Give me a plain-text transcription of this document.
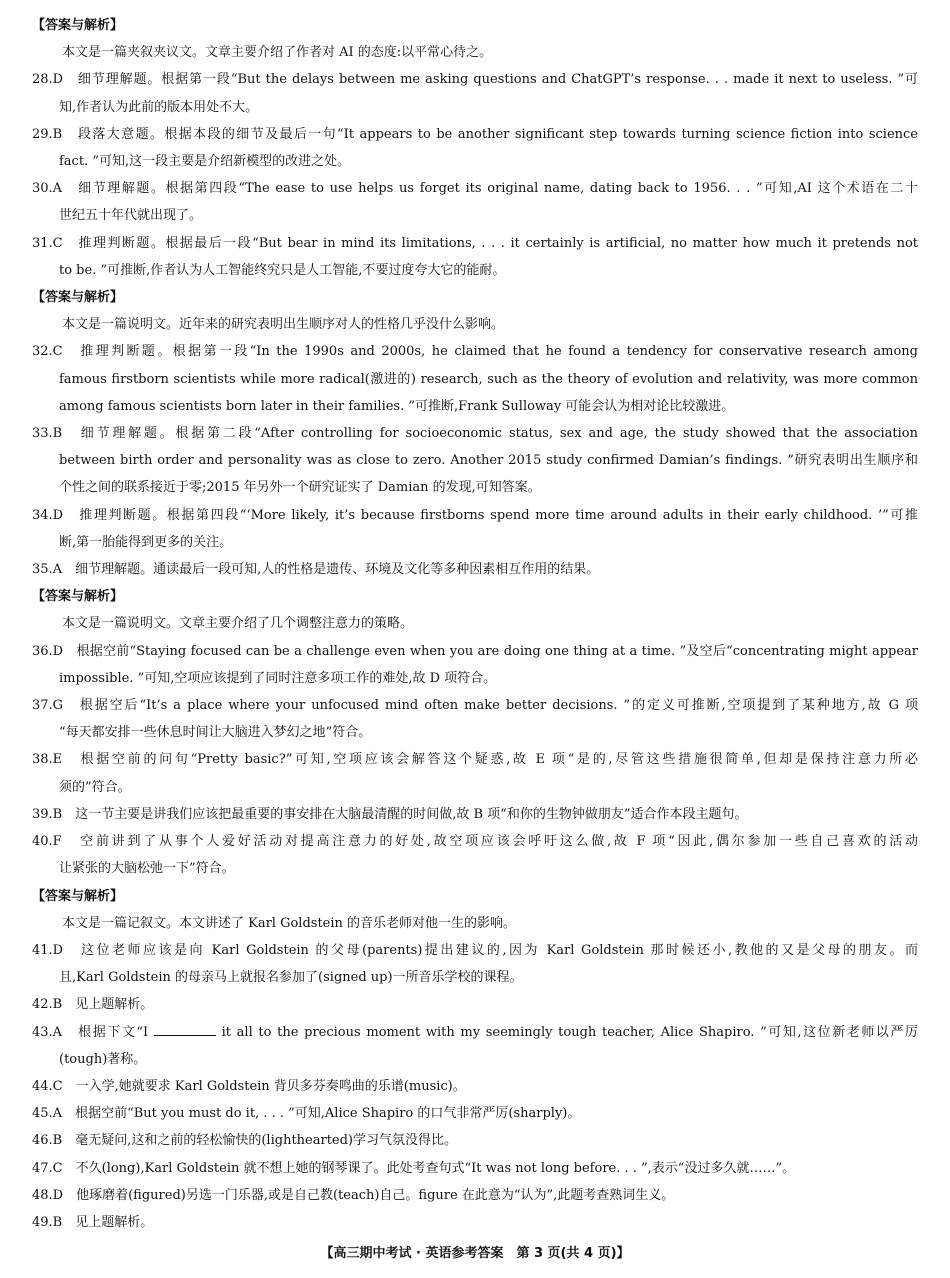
【答案与解析】
本文是一篇夹叙夹议文。文章主要介绍了作者对 AI 的态度:以平常心待之。
28.D　细节理解题。根据第一段“But the delays between me asking questions and ChatGPT’s response. . . made it next to useless. ”可
知,作者认为此前的版本用处不大。
29.B　段落大意题。根据本段的细节及最后一句“It appears to be another significant step towards turning science fiction into science
fact. ”可知,这一段主要是介绍新模型的改进之处。
30.A　细节理解题。根据第四段“The ease to use helps us forget its original name, dating back to 1956. . . ”可知,AI 这个术语在二十
世纪五十年代就出现了。
31.C　推理判断题。根据最后一段“But bear in mind its limitations, . . . it certainly is artificial, no matter how much it pretends not
to be. ”可推断,作者认为人工智能终究只是人工智能,不要过度夸大它的能耐。
【答案与解析】
本文是一篇说明文。近年来的研究表明出生顺序对人的性格几乎没什么影响。
32.C　推理判断题。根据第一段“In the 1990s and 2000s, he claimed that he found a tendency for conservative research among
famous firstborn scientists while more radical(激进的) research, such as the theory of evolution and relativity, was more common
among famous scientists born later in their families. ”可推断,Frank Sulloway 可能会认为相对论比较激进。
33.B　细节理解题。根据第二段“After controlling for socioeconomic status, sex and age, the study showed that the association
between birth order and personality was as close to zero. Another 2015 study confirmed Damian’s findings. ”研究表明出生顺序和
个性之间的联系接近于零;2015 年另外一个研究证实了 Damian 的发现,可知答案。
34.D　推理判断题。根据第四段“‘More likely, it’s because firstborns spend more time around adults in their early childhood. ’”可推
断,第一胎能得到更多的关注。
35.A　细节理解题。通读最后一段可知,人的性格是遗传、环境及文化等多种因素相互作用的结果。
【答案与解析】
本文是一篇说明文。文章主要介绍了几个调整注意力的策略。
36.D　根据空前“Staying focused can be a challenge even when you are doing one thing at a time. ”及空后“concentrating might appear
impossible. ”可知,空项应该提到了同时注意多项工作的难处,故 D 项符合。
37.G　根据空后“It’s a place where your unfocused mind often make better decisions. ”的定义可推断,空项提到了某种地方,故 G 项
“每天都安排一些休息时间让大脑进入梦幻之地”符合。
38.E　根据空前的问句“Pretty basic?”可知,空项应该会解答这个疑惑,故 E 项“是的,尽管这些措施很简单,但却是保持注意力所必
须的”符合。
39.B　这一节主要是讲我们应该把最重要的事安排在大脑最清醒的时间做,故 B 项“和你的生物钟做朋友”适合作本段主题句。
40.F　空前讲到了从事个人爱好活动对提高注意力的好处,故空项应该会呼吁这么做,故 F 项“因此,偶尔参加一些自己喜欢的活动
让紧张的大脑松弛一下”符合。
【答案与解析】
本文是一篇记叙文。本文讲述了 Karl Goldstein 的音乐老师对他一生的影响。
41.D　这位老师应该是向 Karl Goldstein 的父母(parents)提出建议的,因为 Karl Goldstein 那时候还小,教他的又是父母的朋友。而
且,Karl Goldstein 的母亲马上就报名参加了(signed up)一所音乐学校的课程。
42.B　见上题解析。
43.A　根据下文“I	it all to the precious moment with my seemingly tough teacher, Alice Shapiro. ”可知,这位新老师以严厉
(tough)著称。
44.C　一入学,她就要求 Karl Goldstein 背贝多芬奏鸣曲的乐谱(music)。
45.A　根据空前“But you must do it, . . . ”可知,Alice Shapiro 的口气非常严厉(sharply)。
46.B　毫无疑问,这和之前的轻松愉快的(lighthearted)学习气氛没得比。
47.C　不久(long),Karl Goldstein 就不想上她的钢琴课了。此处考查句式“It was not long before. . . ”,表示“没过多久就……”。
48.D　他琢磨着(figured)另选一门乐器,或是自己教(teach)自己。figure 在此意为“认为”,此题考查熟词生义。
49.B　见上题解析。
【高三期中考试 · 英语参考答案　第 3 页(共 4 页)】
